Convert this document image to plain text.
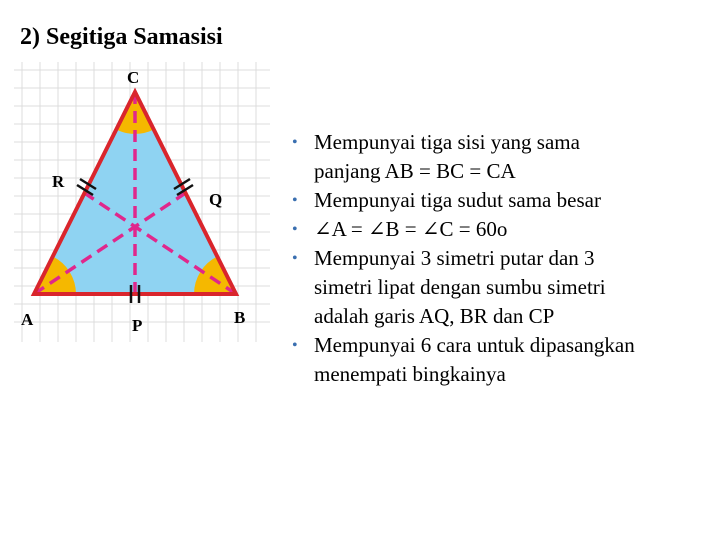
2) Segitiga Samasisi
C
R
Q
A	P	B
• Mempunyai tiga sisi yang sama
panjang AB = BC = CA
• Mempunyai tiga sudut sama besar
• ∠A = ∠B = ∠C = 60o
• Mempunyai 3 simetri putar dan 3
simetri lipat dengan sumbu simetri
adalah garis AQ, BR dan CP
• Mempunyai 6 cara untuk dipasangkan
menempati bingkainya
